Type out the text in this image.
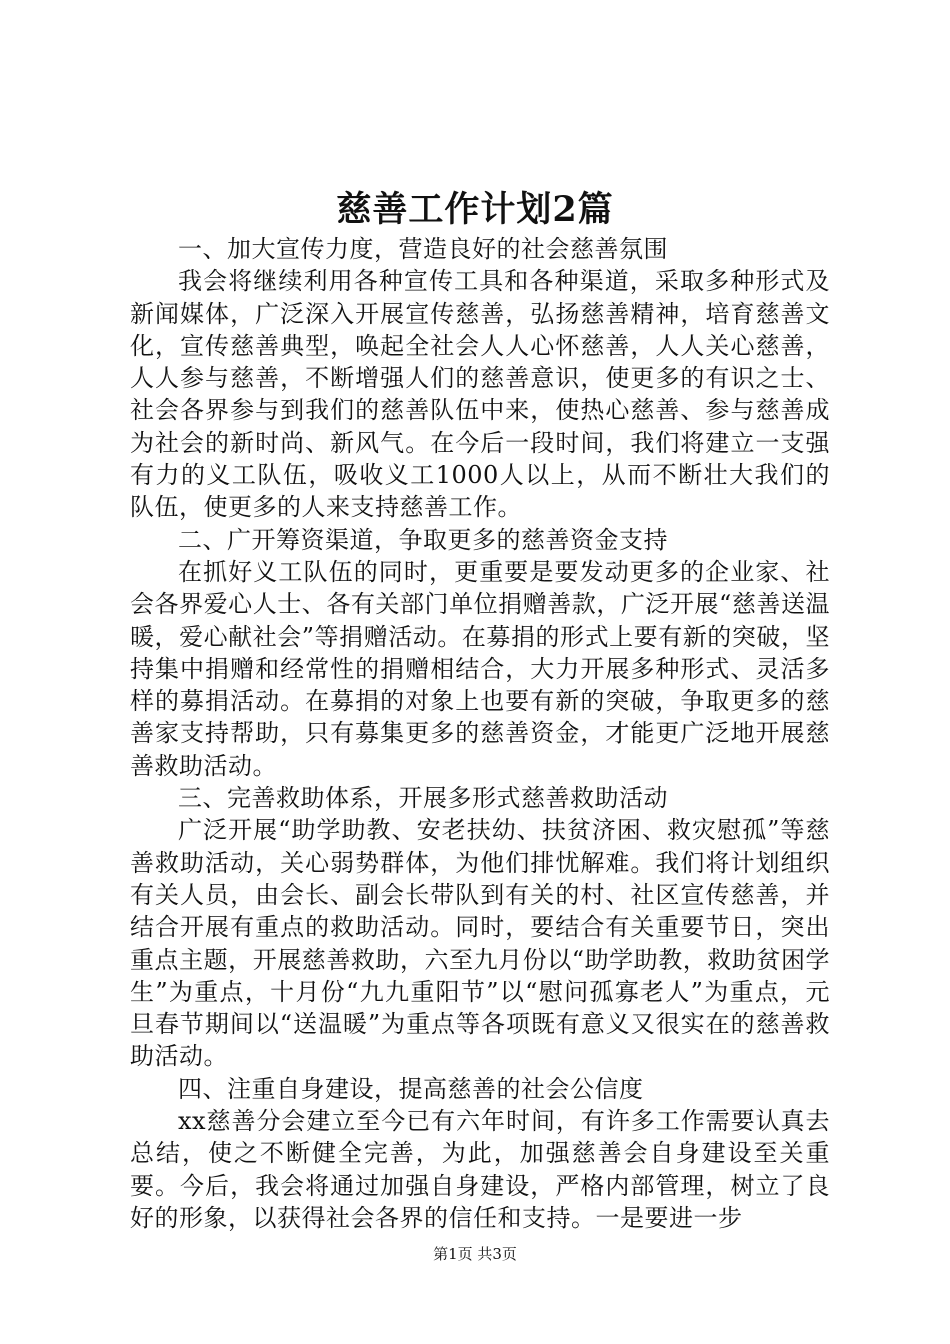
慈善工作计划2篇

一、加大宣传力度，营造良好的社会慈善氛围

我会将继续利用各种宣传工具和各种渠道，采取多种形式及新闻媒体，广泛深入开展宣传慈善，弘扬慈善精神，培育慈善文化，宣传慈善典型，唤起全社会人人心怀慈善，人人关心慈善，人人参与慈善，不断增强人们的慈善意识，使更多的有识之士、社会各界参与到我们的慈善队伍中来，使热心慈善、参与慈善成为社会的新时尚、新风气。在今后一段时间，我们将建立一支强有力的义工队伍，吸收义工1000人以上，从而不断壮大我们的队伍，使更多的人来支持慈善工作。

二、广开筹资渠道，争取更多的慈善资金支持

在抓好义工队伍的同时，更重要是要发动更多的企业家、社会各界爱心人士、各有关部门单位捐赠善款，广泛开展“慈善送温暖，爱心献社会”等捐赠活动。在募捐的形式上要有新的突破，坚持集中捐赠和经常性的捐赠相结合，大力开展多种形式、灵活多样的募捐活动。在募捐的对象上也要有新的突破，争取更多的慈善家支持帮助，只有募集更多的慈善资金，才能更广泛地开展慈善救助活动。

三、完善救助体系，开展多形式慈善救助活动

广泛开展“助学助教、安老扶幼、扶贫济困、救灾慰孤”等慈善救助活动，关心弱势群体，为他们排忧解难。我们将计划组织有关人员，由会长、副会长带队到有关的村、社区宣传慈善，并结合开展有重点的救助活动。同时，要结合有关重要节日，突出重点主题，开展慈善救助，六至九月份以“助学助教，救助贫困学生”为重点，十月份“九九重阳节”以“慰问孤寡老人”为重点，元旦春节期间以“送温暖”为重点等各项既有意义又很实在的慈善救助活动。

四、注重自身建设，提高慈善的社会公信度

xx慈善分会建立至今已有六年时间，有许多工作需要认真去总结，使之不断健全完善，为此，加强慈善会自身建设至关重要。今后，我会将通过加强自身建设，严格内部管理，树立了良好的形象，以获得社会各界的信任和支持。一是要进一步

第1页 共3页
